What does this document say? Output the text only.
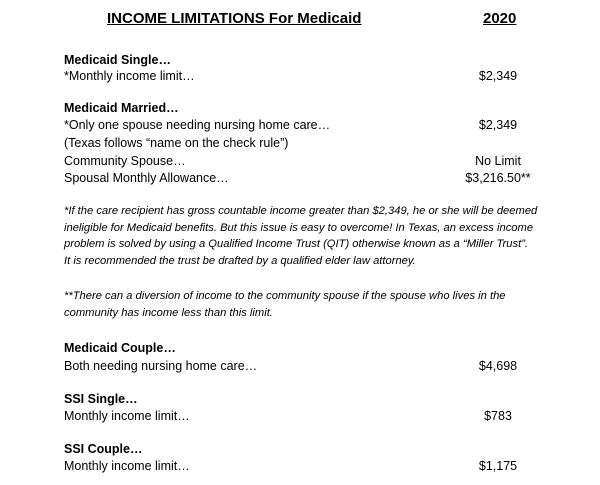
INCOME LIMITATIONS For Medicaid	2020
Medicaid Single…
*Monthly income limit…	$2,349
Medicaid Married…
*Only one spouse needing nursing home care…	$2,349
(Texas follows “name on the check rule”)
Community Spouse…	No Limit
Spousal Monthly Allowance…	$3,216.50**
*If the care recipient has gross countable income greater than $2,349, he or she will be deemed
ineligible for Medicaid benefits. But this issue is easy to overcome! In Texas, an excess income
problem is solved by using a Qualified Income Trust (QIT) otherwise known as a “Miller Trust”.
It is recommended the trust be drafted by a qualified elder law attorney.
**There can a diversion of income to the community spouse if the spouse who lives in the
community has income less than this limit.
Medicaid Couple…
Both needing nursing home care…	$4,698
SSI Single…
Monthly income limit…	$783
SSI Couple…
Monthly income limit…	$1,175
